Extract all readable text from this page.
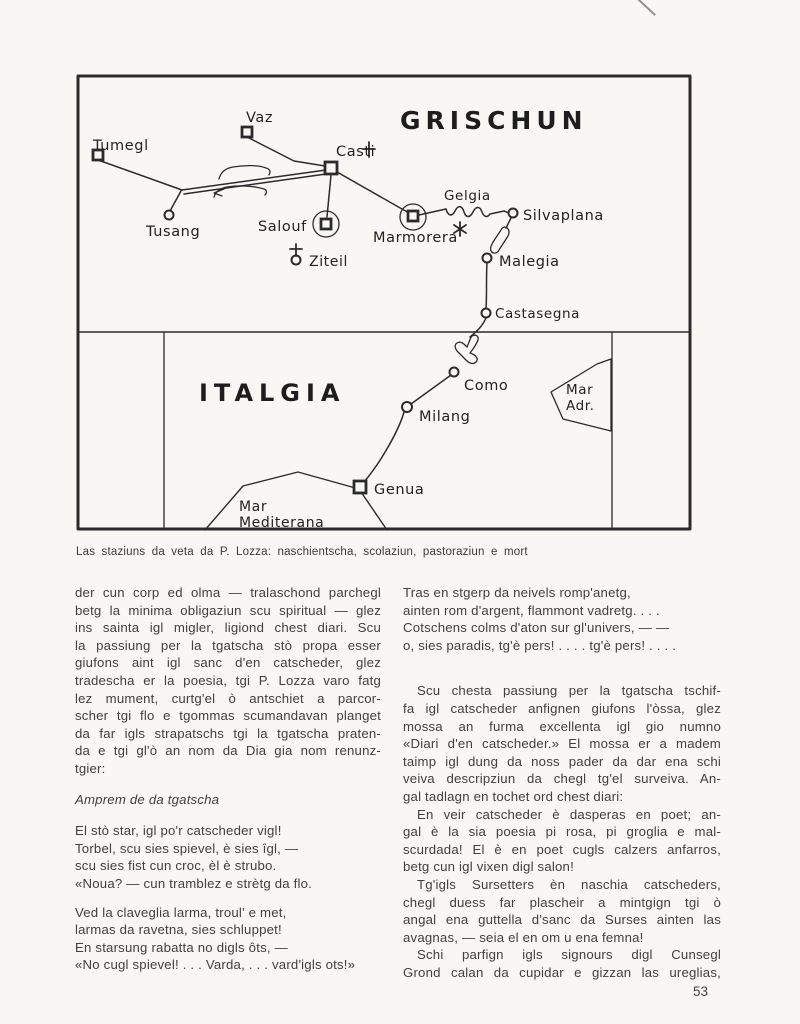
GRISCHUN
ITALGIA
Tumegl
Vaz
Casti
Tusang	Salouf
Ziteil
Marmorera
Gelgia
Silvaplana
Malegia
Castasegna
Como
Milang
Genua
Mar
Mediterana
Mar
Adr.
Las staziuns da veta da P. Lozza: naschientscha, scolaziun, pastoraziun e mort
der cun corp ed olma — tralaschond parchegl
betg la minima obligaziun scu spiritual — glez
ins sainta igl migler, ligiond chest diari. Scu
la passiung per la tgatscha stò propa esser
giufons aint igl sanc d'en catscheder, glez
tradescha er la poesia, tgi P. Lozza varo fatg
lez mument, curtg'el ò antschiet a parcor-
scher tgi flo e tgommas scumandavan planget
da far igls strapatschs tgi la tgatscha praten-
da e tgi gl'ò an nom da Dia gia nom renunz-
tgier:
Amprem de da tgatscha
El stò star, igl po'r catscheder vigl!
Torbel, scu sies spievel, è sies îgl, —
scu sies fist cun croc, èl è strubo.
«Noua? — cun tramblez e strètg da flo.
Ved la claveglia larma, troul' e met,
larmas da ravetna, sies schluppet!
En starsung rabatta no digls ôts, —
«No cugl spievel! . . . Varda, . . . vard'igls ots!»
Tras en stgerp da neivels romp'anetg,
ainten rom d'argent, flammont vadretg. . . .
Cotschens colms d'aton sur gl'univers, — —
o, sies paradis, tg'è pers! . . . . tg'è pers! . . . .
Scu chesta passiung per la tgatscha tschif-
fa igl catscheder anfignen giufons l'òssa, glez
mossa an furma excellenta igl gio numno
«Diari d'en catscheder.» El mossa er a madem
taimp igl dung da noss pader da dar ena schi
veiva descripziun da chegl tg'el surveiva. An-
gal tadlagn en tochet ord chest diari:
En veir catscheder è dasperas en poet; an-
gal è la sia poesia pi rosa, pi groglia e mal-
scurdada! El è en poet cugls calzers anfarros,
betg cun igl vixen digl salon!
Tg'igls Sursetters èn naschia catscheders,
chegl duess far plascheir a mintgign tgi ò
angal ena guttella d'sanc da Surses ainten las
avagnas, — seia el en om u ena femna!
Schi parfign igls signours digl Cunsegl
Grond calan da cupidar e gizzan las ureglias,
53
